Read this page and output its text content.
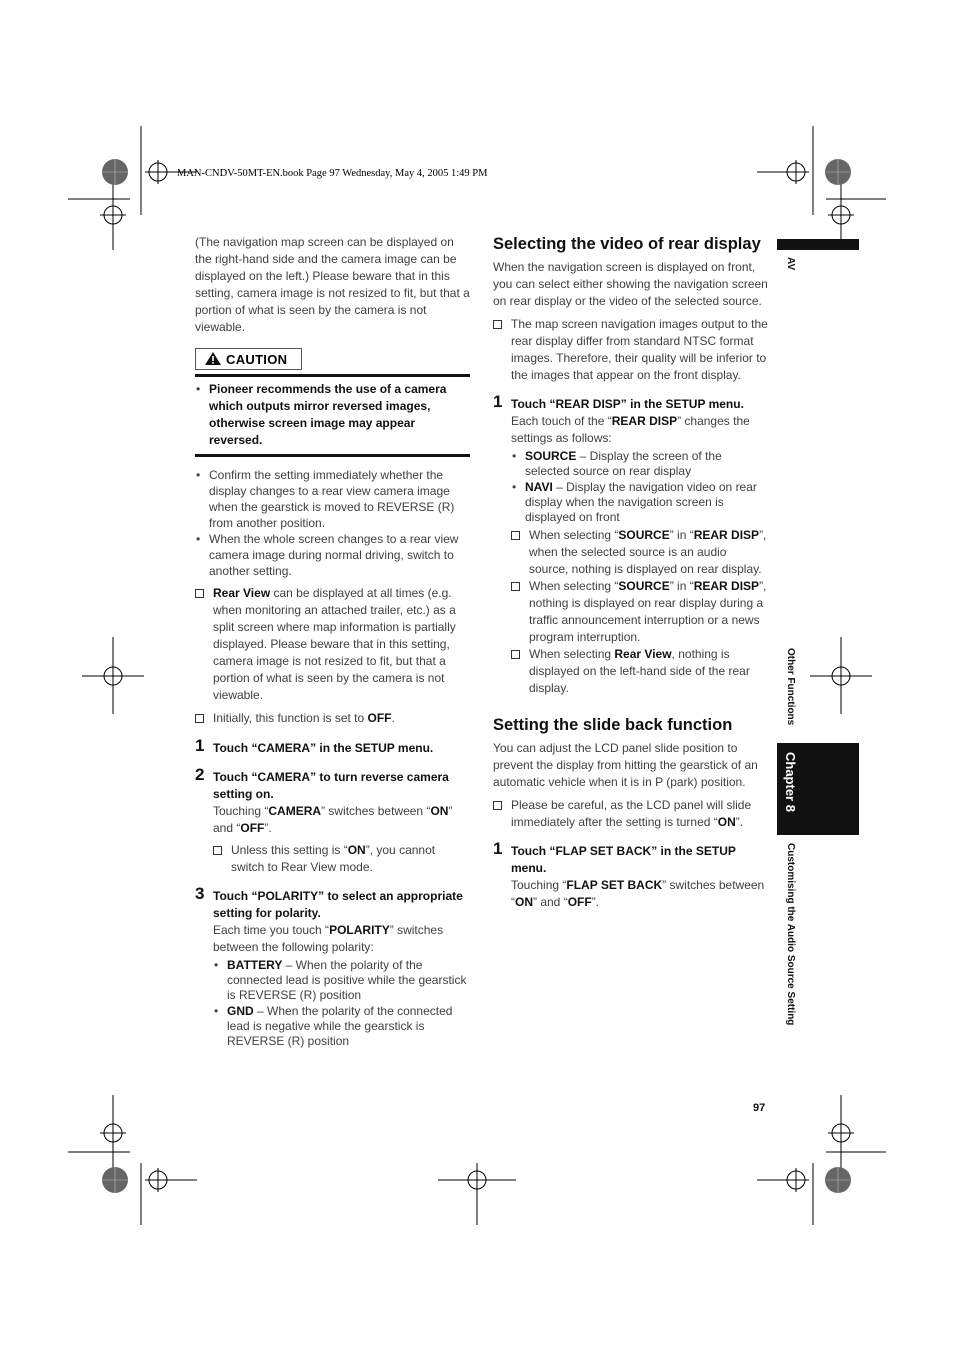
MAN-CNDV-50MT-EN.book Page 97 Wednesday, May 4, 2005 1:49 PM
AV
Other Functions
Chapter 8
Customising the Audio Source Setting
97

(The navigation map screen can be displayed on the right-hand side and the camera image can be displayed on the left.) Please beware that in this setting, camera image is not resized to fit, but that a portion of what is seen by the camera is not viewable.

CAUTION
• Pioneer recommends the use of a camera which outputs mirror reversed images, otherwise screen image may appear reversed.
• Confirm the setting immediately whether the display changes to a rear view camera image when the gearstick is moved to REVERSE (R) from another position.
• When the whole screen changes to a rear view camera image during normal driving, switch to another setting.
Rear View can be displayed at all times (e.g. when monitoring an attached trailer, etc.) as a split screen where map information is partially displayed. Please beware that in this setting, camera image is not resized to fit, but that a portion of what is seen by the camera is not viewable.
Initially, this function is set to OFF.
1 Touch “CAMERA” in the SETUP menu.
2 Touch “CAMERA” to turn reverse camera setting on.
Touching “CAMERA” switches between “ON” and “OFF”.
Unless this setting is “ON”, you cannot switch to Rear View mode.
3 Touch “POLARITY” to select an appropriate setting for polarity.
Each time you touch “POLARITY” switches between the following polarity:
• BATTERY – When the polarity of the connected lead is positive while the gearstick is REVERSE (R) position
• GND – When the polarity of the connected lead is negative while the gearstick is REVERSE (R) position
Selecting the video of rear display

When the navigation screen is displayed on front, you can select either showing the navigation screen on rear display or the video of the selected source.

The map screen navigation images output to the rear display differ from standard NTSC format images. Therefore, their quality will be inferior to the images that appear on the front display.
1 Touch “REAR DISP” in the SETUP menu.
Each touch of the “REAR DISP” changes the settings as follows:
• SOURCE – Display the screen of the selected source on rear display
• NAVI – Display the navigation video on rear display when the navigation screen is displayed on front
When selecting “SOURCE” in “REAR DISP”, when the selected source is an audio source, nothing is displayed on rear display.
When selecting “SOURCE” in “REAR DISP”, nothing is displayed on rear display during a traffic announcement interruption or a news program interruption.
When selecting Rear View, nothing is displayed on the left-hand side of the rear display.
Setting the slide back function

You can adjust the LCD panel slide position to prevent the display from hitting the gearstick of an automatic vehicle when it is in P (park) position.

Please be careful, as the LCD panel will slide immediately after the setting is turned “ON”.
1 Touch “FLAP SET BACK” in the SETUP menu.
Touching “FLAP SET BACK” switches between “ON” and “OFF”.
